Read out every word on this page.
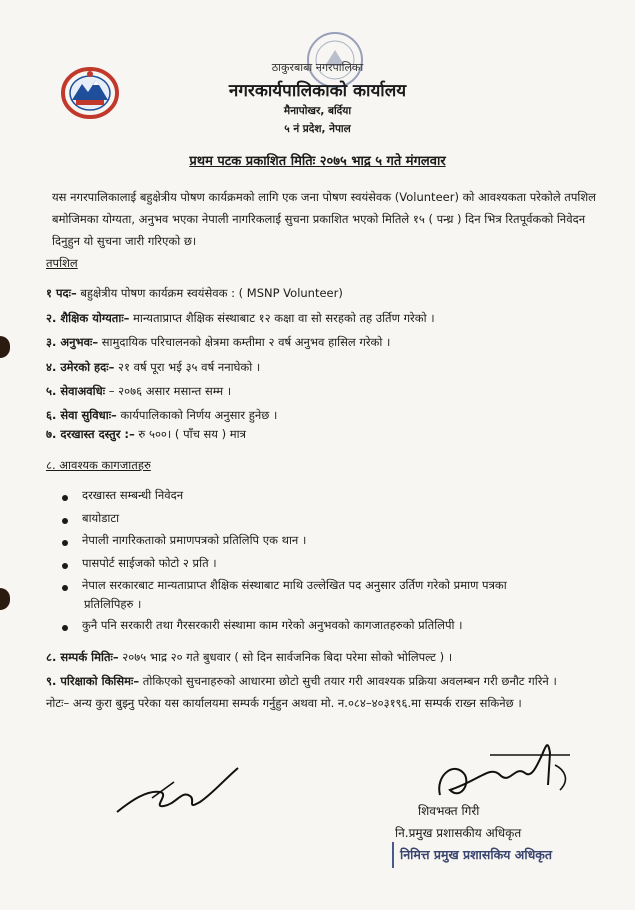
ठाकुरबाबा नगरपालिका
नगरकार्यपालिकाको कार्यालय
मैनापोखर, बर्दिया
५ नं प्रदेश, नेपाल
प्रथम पटक प्रकाशित मितिः २०७५ भाद्र ५ गते मंगलवार
यस नगरपालिकालाई बहुक्षेत्रीय पोषण कार्यक्रमको लागि एक जना पोषण स्वयंसेवक (Volunteer) को आवश्यकता परेकोले तपशिल बमोजिमका योग्यता, अनुभव भएका नेपाली नागरिकलाई सुचना प्रकाशित भएको मितिले १५ ( पन्ध्र ) दिन भित्र रितपूर्वकको निवेदन दिनुहुन यो सुचना जारी गरिएको छ।
तपशिल
१ पदः– बहुक्षेत्रीय पोषण कार्यक्रम स्वयंसेवक : ( MSNP Volunteer)
२. शैक्षिक योग्यताः– मान्यताप्राप्त शैक्षिक संस्थाबाट १२ कक्षा वा सो सरहको तह उर्तिण गरेको ।
३. अनुभवः– सामुदायिक परिचालनको क्षेत्रमा कम्तीमा २ वर्ष अनुभव हासिल गरेको ।
४. उमेरको हदः– २१ वर्ष पूरा भई ३५ वर्ष ननाघेको ।
५. सेवाअवधिः – २०७६ असार मसान्त सम्म ।
६. सेवा सुविधाः– कार्यपालिकाको निर्णय अनुसार हुनेछ ।
७. दरखास्त दस्तुर :– रु ५००। ( पाँच सय ) मात्र
८. आवश्यक कागजातहरु
दरखास्त सम्बन्धी निवेदन
बायोडाटा
नेपाली नागरिकताको प्रमाणपत्रको प्रतिलिपि एक थान ।
पासपोर्ट साईजको फोटो २ प्रति ।
नेपाल सरकारबाट मान्यताप्राप्त शैक्षिक संस्थाबाट माथि उल्लेखित पद अनुसार उर्तिण गरेको प्रमाण पत्रका
प्रतिलिपिहरु ।
कुनै पनि सरकारी तथा गैरसरकारी संस्थामा काम गरेको अनुभवको कागजातहरुको प्रतिलिपी ।
८. सम्पर्क मितिः– २०७५ भाद्र २० गते बुधवार ( सो दिन सार्वजनिक बिदा परेमा सोको भोलिपल्ट ) ।
९. परिक्षाको किसिमः– तोकिएको सुचनाहरुको आधारमा छोटो सुची तयार गरी आवश्यक प्रक्रिया अवलम्बन गरी छनौट गरिने ।
नोटः– अन्य कुरा बुझ्नु परेका यस कार्यालयमा सम्पर्क गर्नुहुन अथवा मो. न.०८४–४०३१९६.मा सम्पर्क राख्न सकिनेछ ।
शिवभक्त गिरी
नि.प्रमुख प्रशासकीय अधिकृत
निमित्त प्रमुख प्रशासकिय अधिकृत
